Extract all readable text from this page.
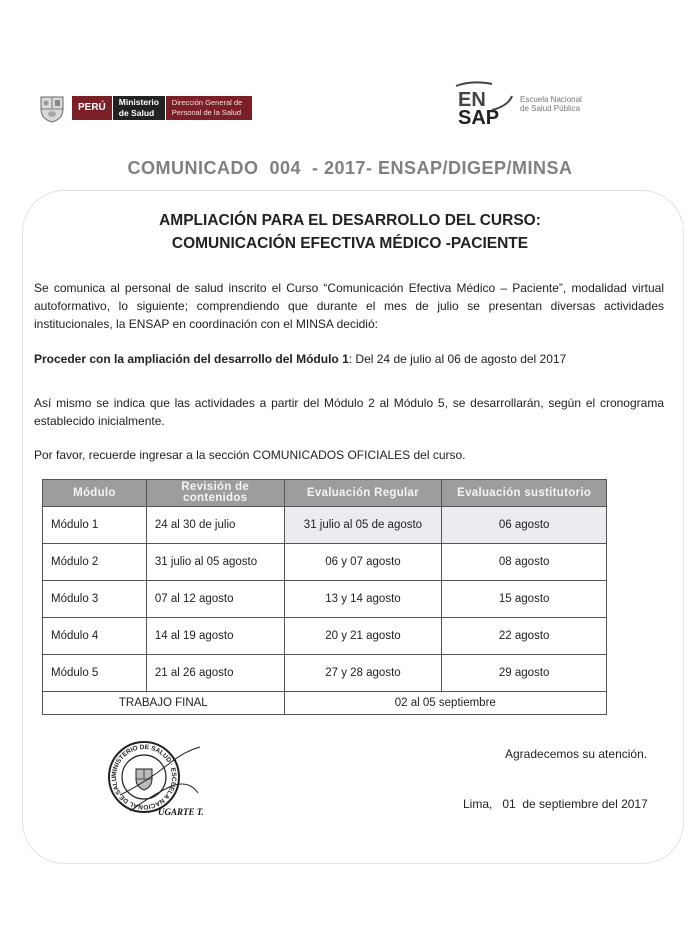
PERÚ	Ministerio
de Salud
Dirección General de
Personal de la Salud
EN
SAP
Escuela Nacional
de Salud Pública
COMUNICADO  004  - 2017- ENSAP/DIGEP/MINSA
AMPLIACIÓN PARA EL DESARROLLO DEL CURSO:
COMUNICACIÓN EFECTIVA MÉDICO -PACIENTE
Se comunica al personal de salud inscrito el Curso “Comunicación Efectiva Médico – Paciente”, modalidad virtual autoformativo, lo siguiente; comprendiendo que durante el mes de julio se presentan diversas actividades institucionales, la ENSAP en coordinación con el MINSA decidió:
Proceder con la ampliación del desarrollo del Módulo 1: Del 24 de julio al 06 de agosto del 2017
Así mismo se indica que las actividades a partir del Módulo 2 al Módulo 5, se desarrollarán, según el cronograma establecido inicialmente.
Por favor, recuerde ingresar a la sección COMUNICADOS OFICIALES del curso.
Módulo	Revisión de contenidos	Evaluación Regular	Evaluación sustitutorio
Módulo 1	24 al 30 de julio	31 julio al 05 de agosto	06 agosto
Módulo 2	31 julio al 05 agosto	06 y 07 agosto	08 agosto
Módulo 3	07 al 12 agosto	13 y 14 agosto	15 agosto
Módulo 4	14 al 19 agosto	20 y 21 agosto	22 agosto
Módulo 5	21 al 26 agosto	27 y 28 agosto	29 agosto
TRABAJO FINAL		02 al 05 septiembre	
MINISTERIO DE SALUD · ESCUELA NACIONAL DE SALU
UGARTE T.
Agradecemos su atención.
Lima,   01  de septiembre del 2017
